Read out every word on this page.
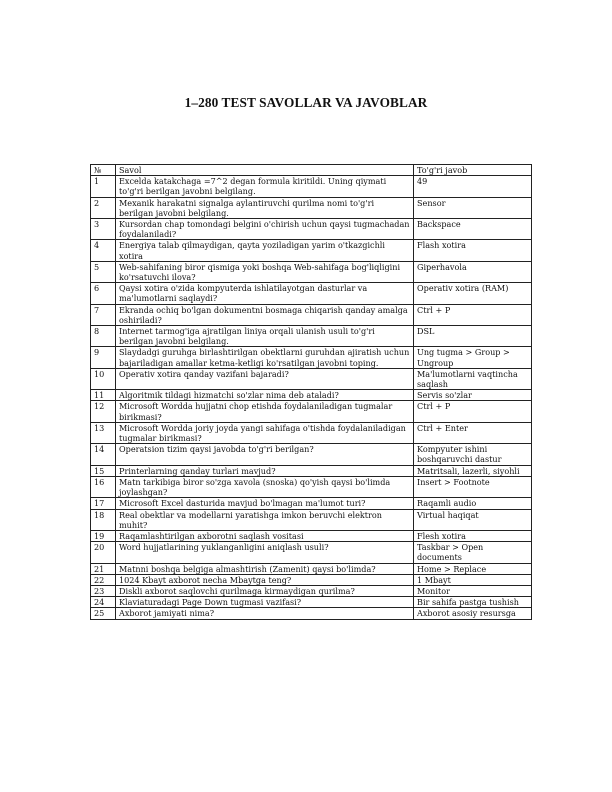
1–280 TEST SAVOLLAR VA JAVOBLAR
№	Savol	To'g'ri javob
1	Excelda katakchaga =7^2 degan formula kiritildi. Uning qiymati to'g'ri berilgan javobni belgilang.	49
2	Mexanik harakatni signalga aylantiruvchi qurilma nomi to'g'ri berilgan javobni belgilang.	Sensor
3	Kursordan chap tomondagi belgini o'chirish uchun qaysi tugmachadan foydalaniladi?	Backspace
4	Energiya talab qilmaydigan, qayta yoziladigan yarim o'tkazgichli xotira	Flash xotira
5	Web-sahifaning biror qismiga yoki boshqa Web-sahifaga bog'liqligini ko'rsatuvchi ilova?	Giperhavola
6	Qaysi xotira o'zida kompyuterda ishlatilayotgan dasturlar va ma'lumotlarni saqlaydi?	Operativ xotira (RAM)
7	Ekranda ochiq bo'lgan dokumentni bosmaga chiqarish qanday amalga oshiriladi?	Ctrl + P
8	Internet tarmog'iga ajratilgan liniya orqali ulanish usuli to'g'ri berilgan javobni belgilang.	DSL
9	Slaydadgi guruhga birlashtirilgan obektlarni guruhdan ajiratish uchun bajariladigan amallar ketma-ketligi ko'rsatilgan javobni toping.	Ung tugma > Group > Ungroup
10	Operativ xotira qanday vazifani bajaradi?	Ma'lumotlarni vaqtincha saqlash
11	Algoritmik tildagi hizmatchi so'zlar nima deb ataladi?	Servis so'zlar
12	Microsoft Wordda hujjatni chop etishda foydalaniladigan tugmalar birikmasi?	Ctrl + P
13	Microsoft Wordda joriy joyda yangi sahifaga o'tishda foydalaniladigan tugmalar birikmasi?	Ctrl + Enter
14	Operatsion tizim qaysi javobda to'g'ri berilgan?	Kompyuter ishini boshqaruvchi dastur
15	Printerlarning qanday turlari mavjud?	Matritsali, lazerli, siyohli
16	Matn tarkibiga biror so'zga xavola (snoska) qo'yish qaysi bo'limda joylashgan?	Insert > Footnote
17	Microsoft Excel dasturida mavjud bo'lmagan ma'lumot turi?	Raqamli audio
18	Real obektlar va modellarni yaratishga imkon beruvchi elektron muhit?	Virtual haqiqat
19	Raqamlashtirilgan axborotni saqlash vositasi	Flesh xotira
20	Word hujjatlarining yuklanganligini aniqlash usuli?	Taskbar > Open documents
21	Matnni boshqa belgiga almashtirish (Zamenit) qaysi bo'limda?	Home > Replace
22	1024 Kbayt axborot necha Mbaytga teng?	1 Mbayt
23	Diskli axborot saqlovchi qurilmaga kirmaydigan qurilma?	Monitor
24	Klaviaturadagi Page Down tugmasi vazifasi?	Bir sahifa pastga tushish
25	Axborot jamiyati nima?	Axborot asosiy resursga
